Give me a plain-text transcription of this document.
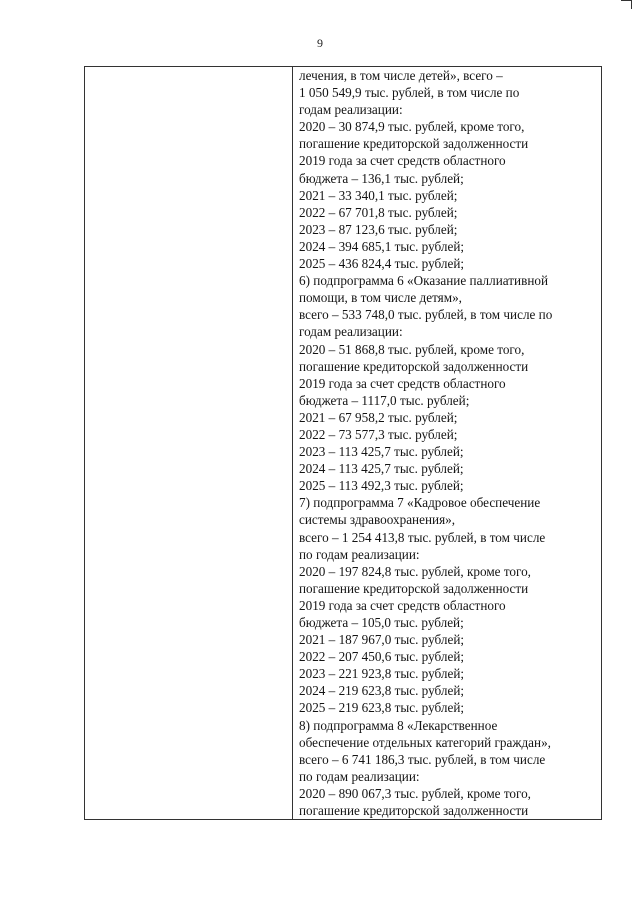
9
лечения, в том числе детей», всего –
1 050 549,9 тыс. рублей, в том числе по
годам реализации:
2020 – 30 874,9 тыс. рублей, кроме того,
погашение кредиторской задолженности
2019 года за счет средств областного
бюджета – 136,1 тыс. рублей;
2021 – 33 340,1 тыс. рублей;
2022 – 67 701,8 тыс. рублей;
2023 – 87 123,6 тыс. рублей;
2024 – 394 685,1 тыс. рублей;
2025 – 436 824,4 тыс. рублей;
6) подпрограмма 6 «Оказание паллиативной
помощи, в том числе детям»,
всего – 533 748,0 тыс. рублей, в том числе по
годам реализации:
2020 – 51 868,8 тыс. рублей, кроме того,
погашение кредиторской задолженности
2019 года за счет средств областного
бюджета – 1117,0 тыс. рублей;
2021 – 67 958,2 тыс. рублей;
2022 – 73 577,3 тыс. рублей;
2023 – 113 425,7 тыс. рублей;
2024 – 113 425,7 тыс. рублей;
2025 – 113 492,3 тыс. рублей;
7) подпрограмма 7 «Кадровое обеспечение
системы здравоохранения»,
всего – 1 254 413,8 тыс. рублей, в том числе
по годам реализации:
2020 – 197 824,8 тыс. рублей, кроме того,
погашение кредиторской задолженности
2019 года за счет средств областного
бюджета – 105,0 тыс. рублей;
2021 – 187 967,0 тыс. рублей;
2022 – 207 450,6 тыс. рублей;
2023 – 221 923,8 тыс. рублей;
2024 – 219 623,8 тыс. рублей;
2025 – 219 623,8 тыс. рублей;
8) подпрограмма 8 «Лекарственное
обеспечение отдельных категорий граждан»,
всего – 6 741 186,3 тыс. рублей, в том числе
по годам реализации:
2020 – 890 067,3 тыс. рублей, кроме того,
погашение кредиторской задолженности
